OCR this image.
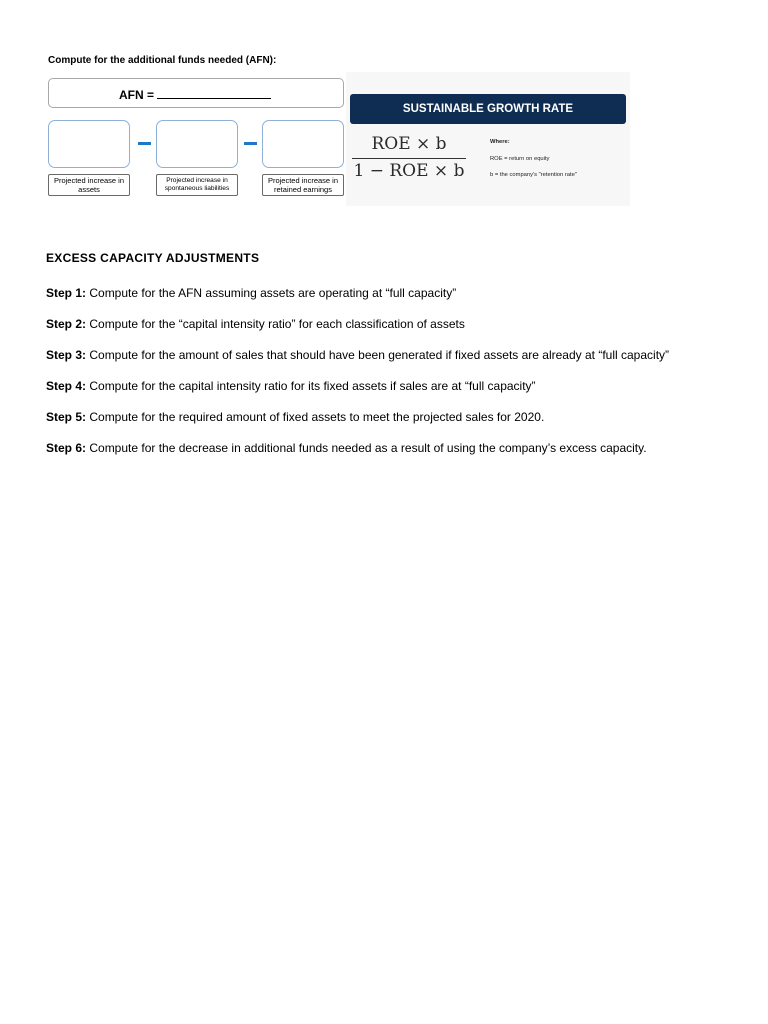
Compute for the additional funds needed (AFN):
AFN =
Projected increase in assets
Projected increase in spontaneous liabilities
Projected increase in retained earnings
SUSTAINABLE GROWTH RATE
ROE × b
1 − ROE × b
Where:
ROE = return on equity
b = the company's "retention rate"
EXCESS CAPACITY ADJUSTMENTS
Step 1: Compute for the AFN assuming assets are operating at “full capacity”
Step 2: Compute for the “capital intensity ratio” for each classification of assets
Step 3: Compute for the amount of sales that should have been generated if fixed assets are already at “full capacity”
Step 4: Compute for the capital intensity ratio for its fixed assets if sales are at “full capacity”
Step 5: Compute for the required amount of fixed assets to meet the projected sales for 2020.
Step 6: Compute for the decrease in additional funds needed as a result of using the company’s excess capacity.
